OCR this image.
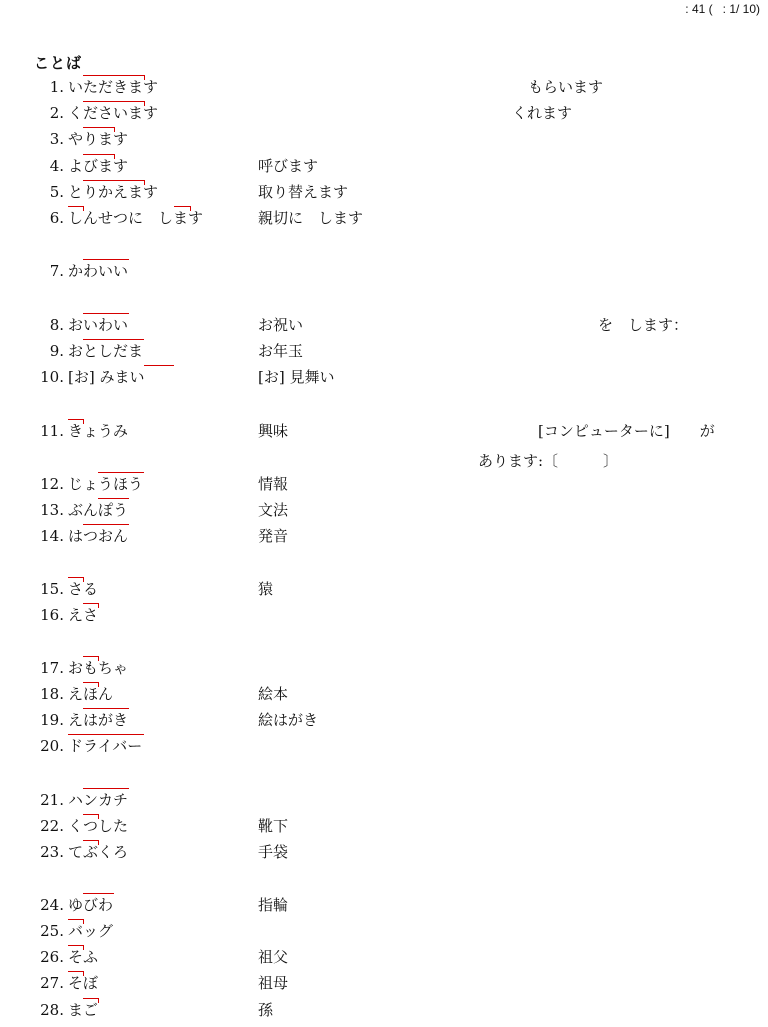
: 41 (   : 1/ 10)
ことば
1. いただきます	もらいます
2. くださいます	くれます
3. やります
4. よびます	呼びます
5. とりかえます	取り替えます
6. しんせつに　します	親切に　します
7. かわいい
8. おいわい	お祝い	を　します：
9. おとしだま	お年玉
10. [お] みまい	[お] 見舞い
11. きょうみ	興味	[コンピューターに]　　が
あります:〔　　　〕
12. じょうほう	情報
13. ぶんぽう	文法
14. はつおん	発音
15. さる	猿
16. えさ
17. おもちゃ
18. えほん	絵本
19. えはがき	絵はがき
20. ドライバー
21. ハンカチ
22. くつした	靴下
23. てぶくろ	手袋
24. ゆびわ	指輪
25. バッグ
26. そふ	祖父
27. そぼ	祖母
28. まご	孫
